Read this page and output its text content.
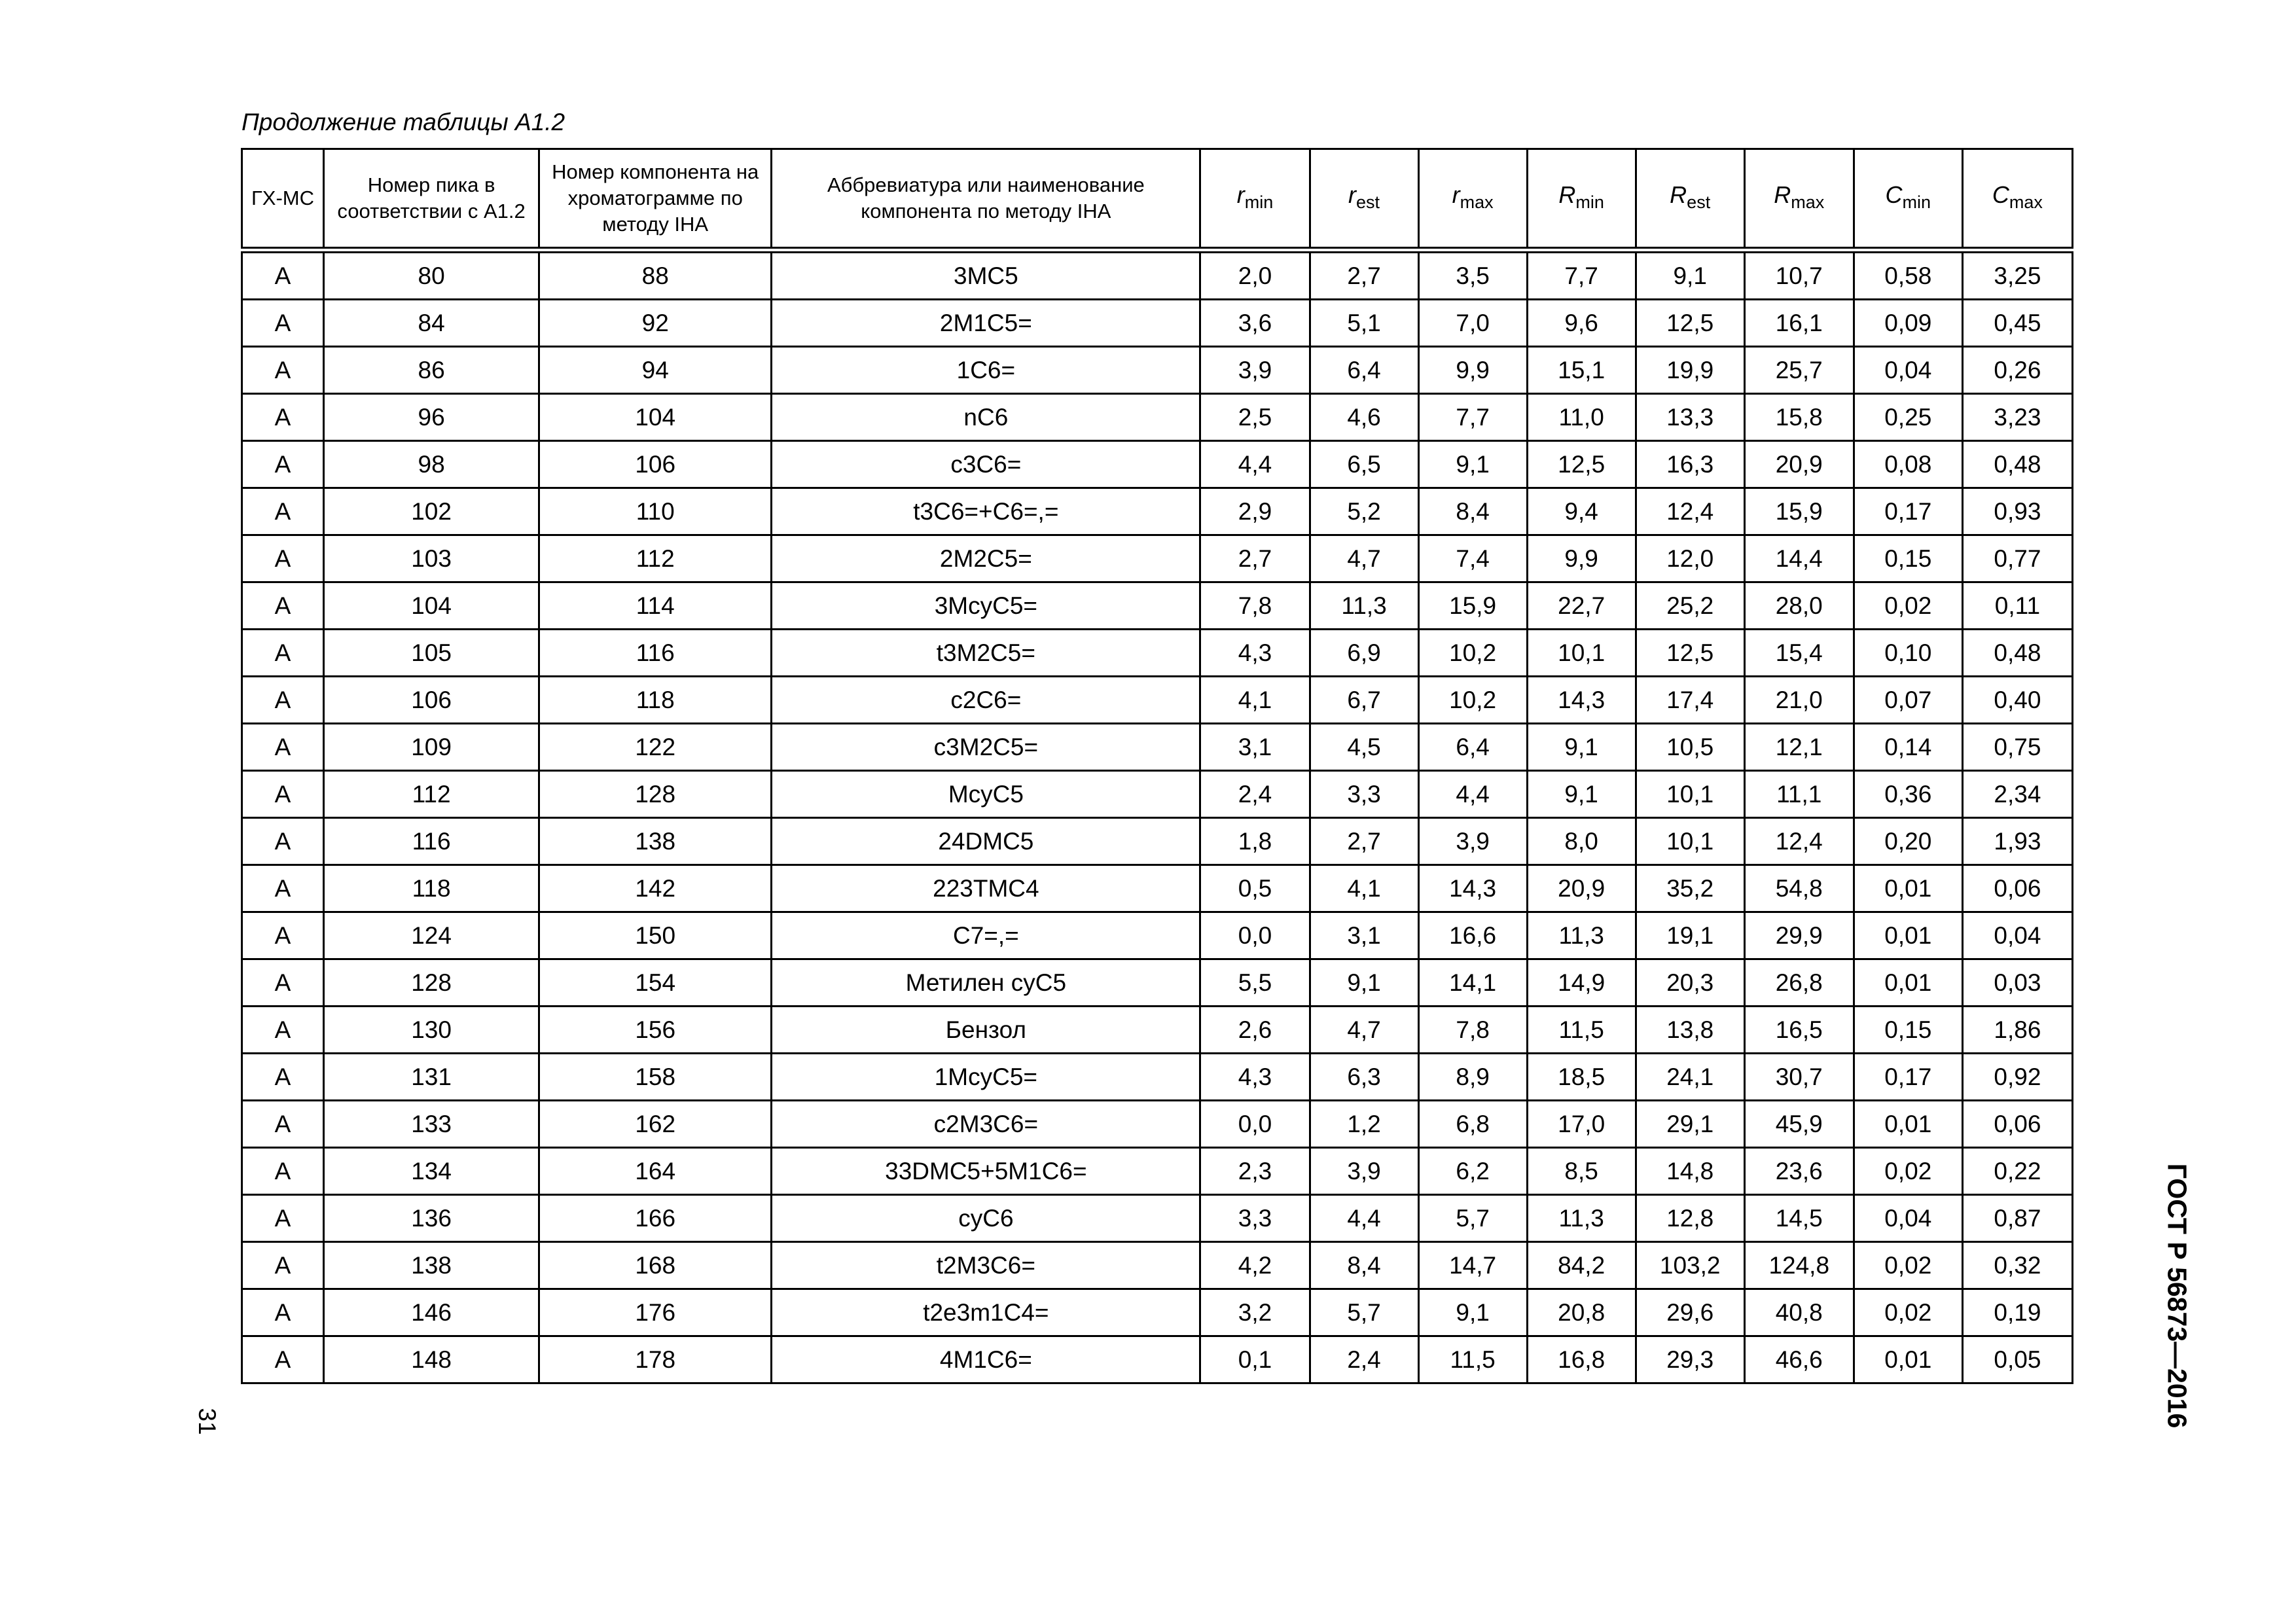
Продолжение таблицы А1.2
ГХ-МС	Номер пика в соответствии с А1.2	Номер компонента на хроматограмме по методу IHA	Аббревиатура или наименование компонента по методу IHA	$r_{min}$	$r_{est}$	$r_{max}$	$R_{min}$	$R_{est}$	$R_{max}$	$C_{min}$	$C_{max}$
А	80	88	3MC5	2,0	2,7	3,5	7,7	9,1	10,7	0,58	3,25
А	84	92	2M1C5=	3,6	5,1	7,0	9,6	12,5	16,1	0,09	0,45
А	86	94	1C6=	3,9	6,4	9,9	15,1	19,9	25,7	0,04	0,26
А	96	104	nC6	2,5	4,6	7,7	11,0	13,3	15,8	0,25	3,23
А	98	106	c3C6=	4,4	6,5	9,1	12,5	16,3	20,9	0,08	0,48
А	102	110	t3C6=+C6=,=	2,9	5,2	8,4	9,4	12,4	15,9	0,17	0,93
А	103	112	2M2C5=	2,7	4,7	7,4	9,9	12,0	14,4	0,15	0,77
А	104	114	3McyC5=	7,8	11,3	15,9	22,7	25,2	28,0	0,02	0,11
А	105	116	t3M2C5=	4,3	6,9	10,2	10,1	12,5	15,4	0,10	0,48
А	106	118	c2C6=	4,1	6,7	10,2	14,3	17,4	21,0	0,07	0,40
А	109	122	c3M2C5=	3,1	4,5	6,4	9,1	10,5	12,1	0,14	0,75
А	112	128	McyC5	2,4	3,3	4,4	9,1	10,1	11,1	0,36	2,34
А	116	138	24DMC5	1,8	2,7	3,9	8,0	10,1	12,4	0,20	1,93
А	118	142	223TMC4	0,5	4,1	14,3	20,9	35,2	54,8	0,01	0,06
А	124	150	C7=,=	0,0	3,1	16,6	11,3	19,1	29,9	0,01	0,04
А	128	154	Метилен cyC5	5,5	9,1	14,1	14,9	20,3	26,8	0,01	0,03
А	130	156	Бензол	2,6	4,7	7,8	11,5	13,8	16,5	0,15	1,86
А	131	158	1McyC5=	4,3	6,3	8,9	18,5	24,1	30,7	0,17	0,92
А	133	162	c2M3C6=	0,0	1,2	6,8	17,0	29,1	45,9	0,01	0,06
А	134	164	33DMC5+5M1C6=	2,3	3,9	6,2	8,5	14,8	23,6	0,02	0,22
А	136	166	cyC6	3,3	4,4	5,7	11,3	12,8	14,5	0,04	0,87
А	138	168	t2M3C6=	4,2	8,4	14,7	84,2	103,2	124,8	0,02	0,32
А	146	176	t2e3m1C4=	3,2	5,7	9,1	20,8	29,6	40,8	0,02	0,19
А	148	178	4M1C6=	0,1	2,4	11,5	16,8	29,3	46,6	0,01	0,05	ГОСТ Р 56873—2016
31
